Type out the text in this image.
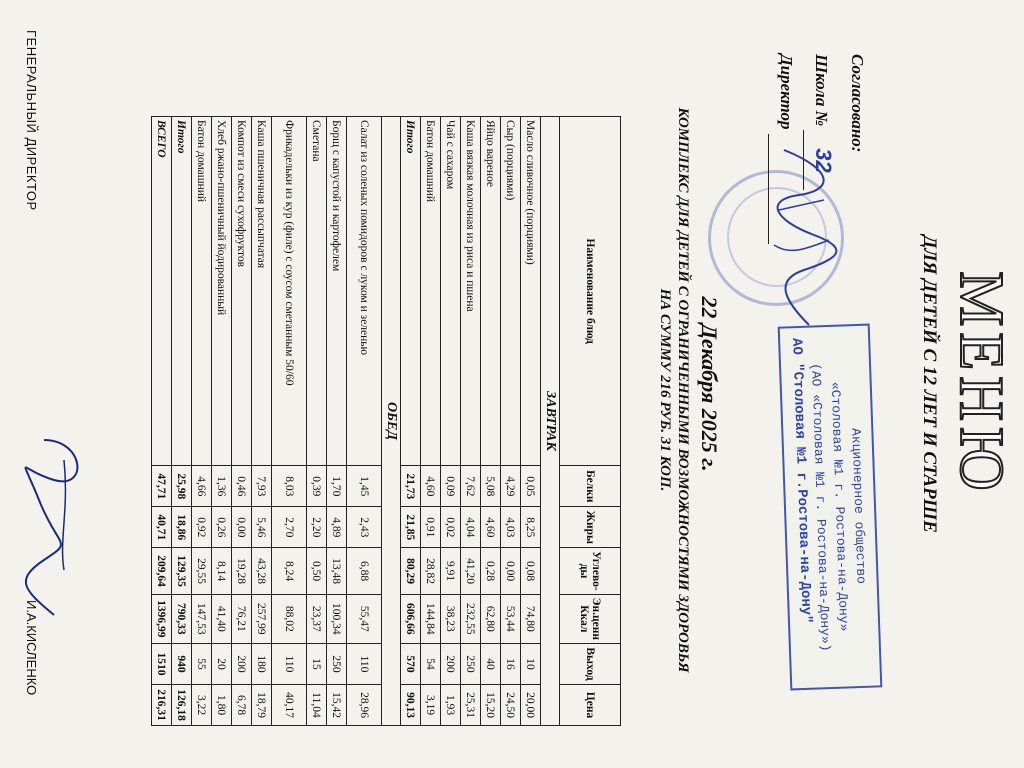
МЕНЮ
ДЛЯ ДЕТЕЙ С 12 ЛЕТ И СТАРШЕ
Согласовано:
Школа № 32
Директор
Акционерное общество
«Столовая №1 г. Ростова-на-Дону»
(АО «Столовая №1 г. Ростова-на-Дону»)
АО "Столовая №1 г.Ростова-на-Дону"
22 Декабря 2025 г.
КОМПЛЕКС ДЛЯ ДЕТЕЙ С ОГРАНИЧЕННЫМИ ВОЗМОЖНОСТЯМИ ЗДОРОВЬЯ
НА СУММУ 216 РУБ. 31 КОП.
Наименование блюд	Белки	Жиры	Углево-ды	Эн.ценн Ккал	Выход	Цена
ЗАВТРАК						
Масло сливочное (порциями)	0,05	8,25	0,08	74,80	10	20,00
Сыр (порциями)	4,29	4,03	0,00	53,44	16	24,50
Яйцо вареное	5,08	4,60	0,28	62,80	40	15,20
Каша вязкая молочная из риса и пшена	7,62	4,04	41,20	232,55	250	25,31
Чай с сахаром	0,09	0,02	9,91	38,23	200	1,93
Батон домашний	4,60	0,91	28,82	144,84	54	3,19
Итого	21,73	21,85	80,29	606,66	570	90,13
ОБЕД						
Салат из соленых помидоров с луком и зеленью	1,45	2,43	6,88	55,47	110	28,96
Борщ с капустой и картофелем	1,70	4,89	13,48	100,34	250	15,42
Сметана	0,39	2,20	0,50	23,37	15	11,04
Фрикадельки из кур (филе) с соусом сметанным 50/60	8,03	2,70	8,24	88,02	110	40,17
Каша пшеничная рассыпчатая	7,93	5,46	43,28	257,99	180	18,79
Компот из смеси сухофруктов	0,46	0,00	19,28	76,21	200	6,78
Хлеб ржано-пшеничный йодированный	1,36	0,26	8,14	41,40	20	1,80
Батон домашний	4,66	0,92	29,55	147,53	55	3,22
Итого	25,98	18,86	129,35	790,33	940	126,18
ВСЕГО	47,71	40,71	209,64	1396,99	1510	216,31
ГЕНЕРАЛЬНЫЙ ДИРЕКТОР
И.А.КИСЛЕНКО
